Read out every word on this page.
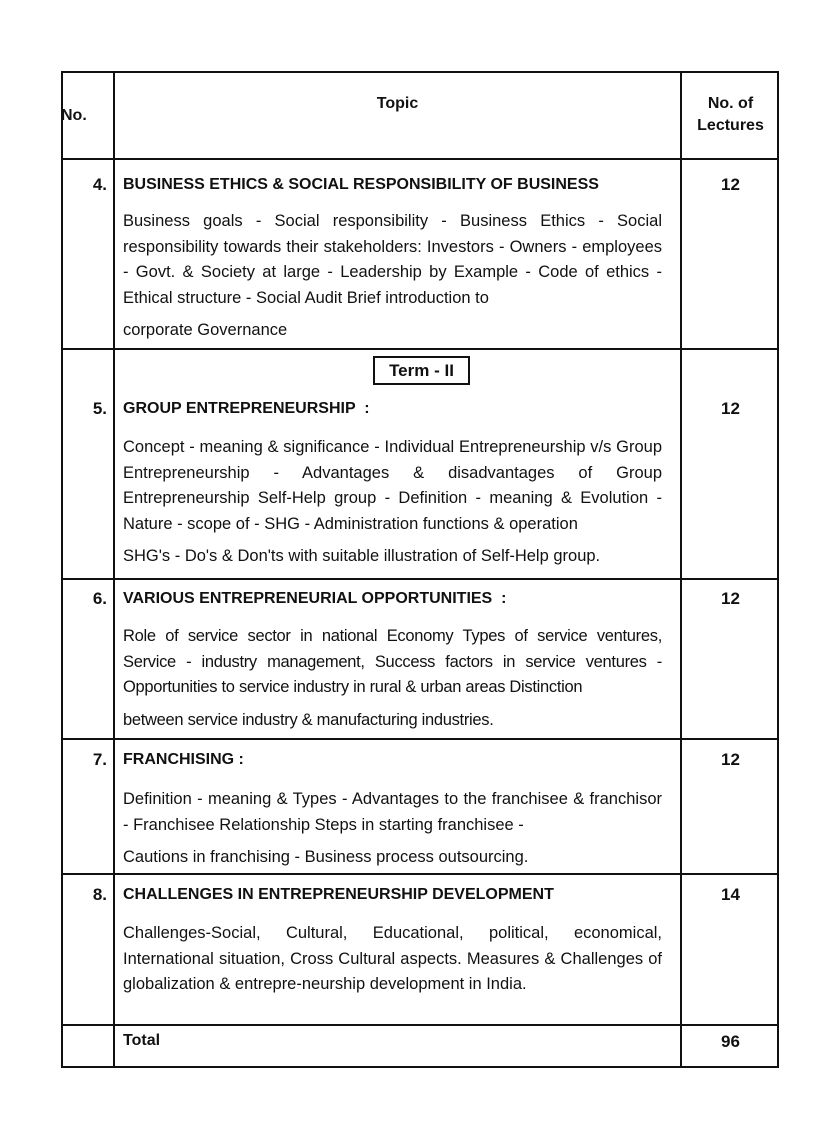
No.
Topic	No. of
Lectures
4. BUSINESS ETHICS & SOCIAL RESPONSIBILITY OF BUSINESS
Business goals - Social responsibility - Business Ethics - Social responsibility towards their stakeholders: Investors - Owners - employees - Govt. & Society at large - Leadership by Example - Code of ethics - Ethical structure - Social Audit Brief introduction to
corporate Governance
12
Term - II
5. GROUP ENTREPRENEURSHIP  :
Concept - meaning & significance - Individual Entrepreneurship v/s Group Entrepreneurship - Advantages & disadvantages of Group Entrepreneurship Self-Help group - Definition - meaning & Evolution - Nature - scope of - SHG - Administration functions & operation
SHG's - Do's & Don'ts with suitable illustration of Self-Help group.
12
6. VARIOUS ENTREPRENEURIAL OPPORTUNITIES  :
Role of service sector in national Economy Types of service ventures, Service - industry management, Success factors in service ventures - Opportunities to service industry in rural & urban areas Distinction
between service industry & manufacturing industries.
12
7. FRANCHISING :
Definition - meaning & Types - Advantages to the franchisee & franchisor - Franchisee Relationship Steps in starting franchisee -
Cautions in franchising - Business process outsourcing.
12
8. CHALLENGES IN ENTREPRENEURSHIP DEVELOPMENT
Challenges-Social, Cultural, Educational, political, economical, International situation, Cross Cultural aspects. Measures & Challenges of globalization & entrepre-neurship development in India.
14
Total	96
